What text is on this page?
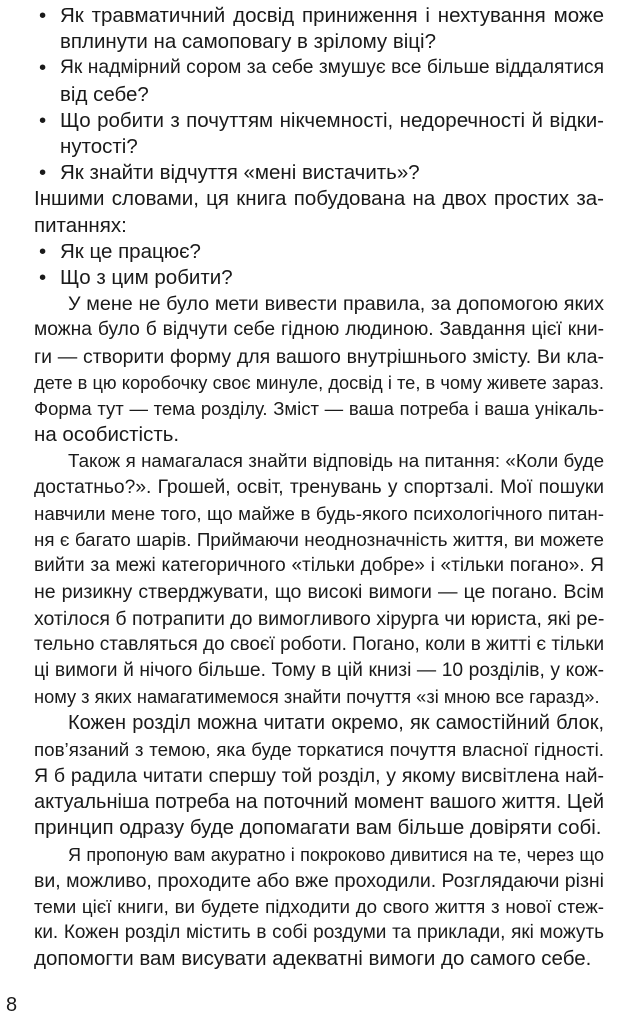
• Як травматичний досвід приниження і нехтування може
вплинути на самоповагу в зрілому віці?
• Як надмірний сором за себе змушує все більше віддалятися
від себе?
• Що робити з почуттям нікчемності, недоречності й відки-
нутості?
• Як знайти відчуття «мені вистачить»?
Іншими словами, ця книга побудована на двох простих за-
питаннях:
• Як це працює?
• Що з цим робити?
У мене не було мети вивести правила, за допомогою яких
можна було б відчути себе гідною людиною. Завдання цієї кни-
ги — створити форму для вашого внутрішнього змісту. Ви кла-
дете в цю коробочку своє минуле, досвід і те, в чому живете зараз.
Форма тут — тема розділу. Зміст — ваша потреба і ваша унікаль-
на особистість.
Також я намагалася знайти відповідь на питання: «Коли буде
достатньо?». Грошей, освіт, тренувань у спортзалі. Мої пошуки
навчили мене того, що майже в будь-якого психологічного питан-
ня є багато шарів. Приймаючи неоднозначність життя, ви можете
вийти за межі категоричного «тільки добре» і «тільки погано». Я
не ризикну стверджувати, що високі вимоги — це погано. Всім
хотілося б потрапити до вимогливого хірурга чи юриста, які ре-
тельно ставляться до своєї роботи. Погано, коли в житті є тільки
ці вимоги й нічого більше. Тому в цій книзі — 10 розділів, у кож-
ному з яких намагатимемося знайти почуття «зі мною все гаразд».
Кожен розділ можна читати окремо, як самостійний блок,
пов’язаний з темою, яка буде торкатися почуття власної гідності.
Я б радила читати спершу той розділ, у якому висвітлена най-
актуальніша потреба на поточний момент вашого життя. Цей
принцип одразу буде допомагати вам більше довіряти собі.
Я пропоную вам акуратно і покроково дивитися на те, через що
ви, можливо, проходите або вже проходили. Розглядаючи різні
теми цієї книги, ви будете підходити до свого життя з нової стеж-
ки. Кожен розділ містить в собі роздуми та приклади, які можуть
допомогти вам висувати адекватні вимоги до самого себе.
8
